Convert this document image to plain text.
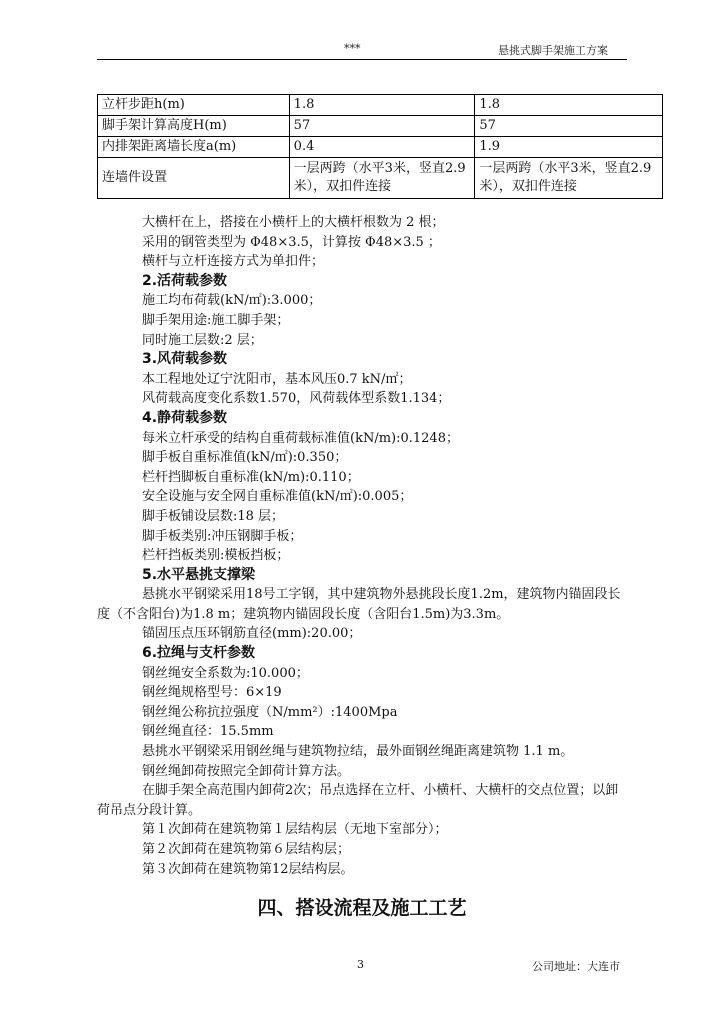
***	悬挑式脚手架施工方案
立杆步距h(m)	1.8	1.8
脚手架计算高度H(m)	57	57
内排架距离墙长度a(m)	0.4	1.9
连墙件设置	一层两跨（水平3米，竖直2.9米），双扣件连接	一层两跨（水平3米，竖直2.9米），双扣件连接

大横杆在上，搭接在小横杆上的大横杆根数为 2 根；

采用的钢管类型为 Φ48×3.5，计算按 Φ48×3.5 ；

横杆与立杆连接方式为单扣件；

2.活荷载参数

施工均布荷载(kN/㎡):3.000；

脚手架用途:施工脚手架；

同时施工层数:2 层；

3.风荷载参数

本工程地处辽宁沈阳市，基本风压0.7 kN/㎡；

风荷载高度变化系数1.570，风荷载体型系数1.134；

4.静荷载参数

每米立杆承受的结构自重荷载标准值(kN/m):0.1248；

脚手板自重标准值(kN/㎡):0.350；

栏杆挡脚板自重标准(kN/m):0.110；

安全设施与安全网自重标准值(kN/㎡):0.005；

脚手板铺设层数:18 层；

脚手板类别:冲压钢脚手板；

栏杆挡板类别:模板挡板；

5.水平悬挑支撑梁

悬挑水平钢梁采用18号工字钢，其中建筑物外悬挑段长度1.2m，建筑物内锚固段长度（不含阳台)为1.8 m；建筑物内锚固段长度（含阳台1.5m)为3.3m。

锚固压点压环钢筋直径(mm):20.00；

6.拉绳与支杆参数

钢丝绳安全系数为:10.000；

钢丝绳规格型号：6×19

钢丝绳公称抗拉强度（N/mm²）:1400Mpa

钢丝绳直径：15.5mm

悬挑水平钢梁采用钢丝绳与建筑物拉结，最外面钢丝绳距离建筑物 1.1 m。

钢丝绳卸荷按照完全卸荷计算方法。

在脚手架全高范围内卸荷2次；吊点选择在立杆、小横杆、大横杆的交点位置；以卸荷吊点分段计算。

第１次卸荷在建筑物第１层结构层（无地下室部分）；

第２次卸荷在建筑物第６层结构层；

第３次卸荷在建筑物第12层结构层。

四、搭设流程及施工工艺
3	公司地址：大连市
